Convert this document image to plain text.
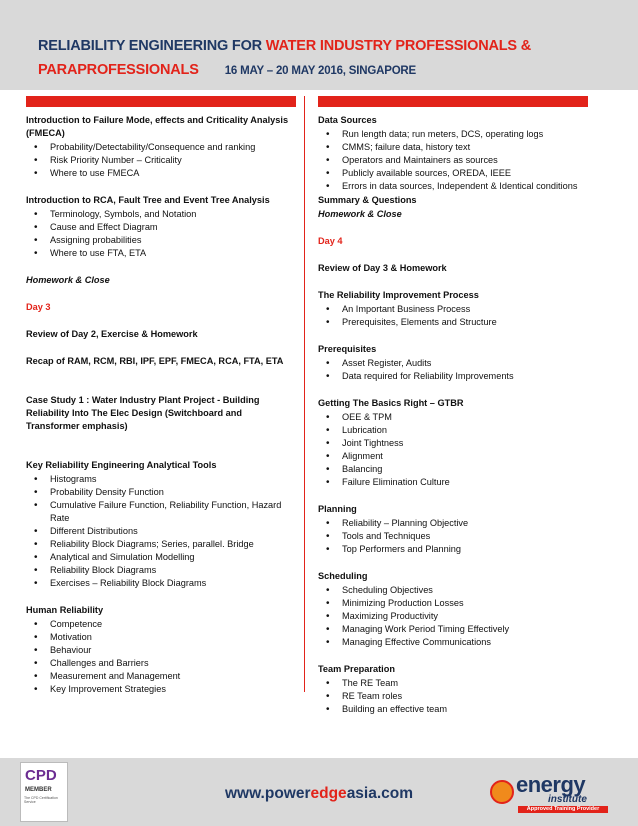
RELIABILITY ENGINEERING FOR WATER INDUSTRY PROFESSIONALS &
PARAPROFESSIONALS 16 MAY – 20 MAY 2016, SINGAPORE
Introduction to Failure Mode, effects and Criticality Analysis (FMECA)
• Probability/Detectability/Consequence and ranking
• Risk Priority Number – Criticality
• Where to use FMECA
Introduction to RCA, Fault Tree and Event Tree Analysis
• Terminology, Symbols, and Notation
• Cause and Effect Diagram
• Assigning probabilities
• Where to use FTA, ETA
Homework & Close
Day 3
Review of Day 2, Exercise & Homework
Recap of RAM, RCM, RBI, IPF, EPF, FMECA, RCA, FTA, ETA
Case Study 1 : Water Industry Plant Project - Building Reliability Into The Elec Design (Switchboard and Transformer emphasis)
Key Reliability Engineering Analytical Tools
• Histograms
• Probability Density Function
• Cumulative Failure Function, Reliability Function, Hazard Rate
• Different Distributions
• Reliability Block Diagrams; Series, parallel. Bridge
• Analytical and Simulation Modelling
• Reliability Block Diagrams
• Exercises – Reliability Block Diagrams
Human Reliability
• Competence
• Motivation
• Behaviour
• Challenges and Barriers
• Measurement and Management
• Key Improvement Strategies
Data Sources
• Run length data; run meters, DCS, operating logs
• CMMS; failure data, history text
• Operators and Maintainers as sources
• Publicly available sources, OREDA, IEEE
• Errors in data sources, Independent & Identical conditions
Summary & Questions
Homework & Close
Day 4
Review of Day 3 & Homework
The Reliability Improvement Process
• An Important Business Process
• Prerequisites, Elements and Structure
Prerequisites
• Asset Register, Audits
• Data required for Reliability Improvements
Getting The Basics Right – GTBR
• OEE & TPM
• Lubrication
• Joint Tightness
• Alignment
• Balancing
• Failure Elimination Culture
Planning
• Reliability – Planning Objective
• Tools and Techniques
• Top Performers and Planning
Scheduling
• Scheduling Objectives
• Minimizing Production Losses
• Maximizing Productivity
• Managing Work Period Timing Effectively
• Managing Effective Communications
Team Preparation
• The RE Team
• RE Team roles
• Building an effective team
CPD
MEMBER
The CPD Certification Service	www.poweredgeasia.com	energy
institute
Approved Training Provider
